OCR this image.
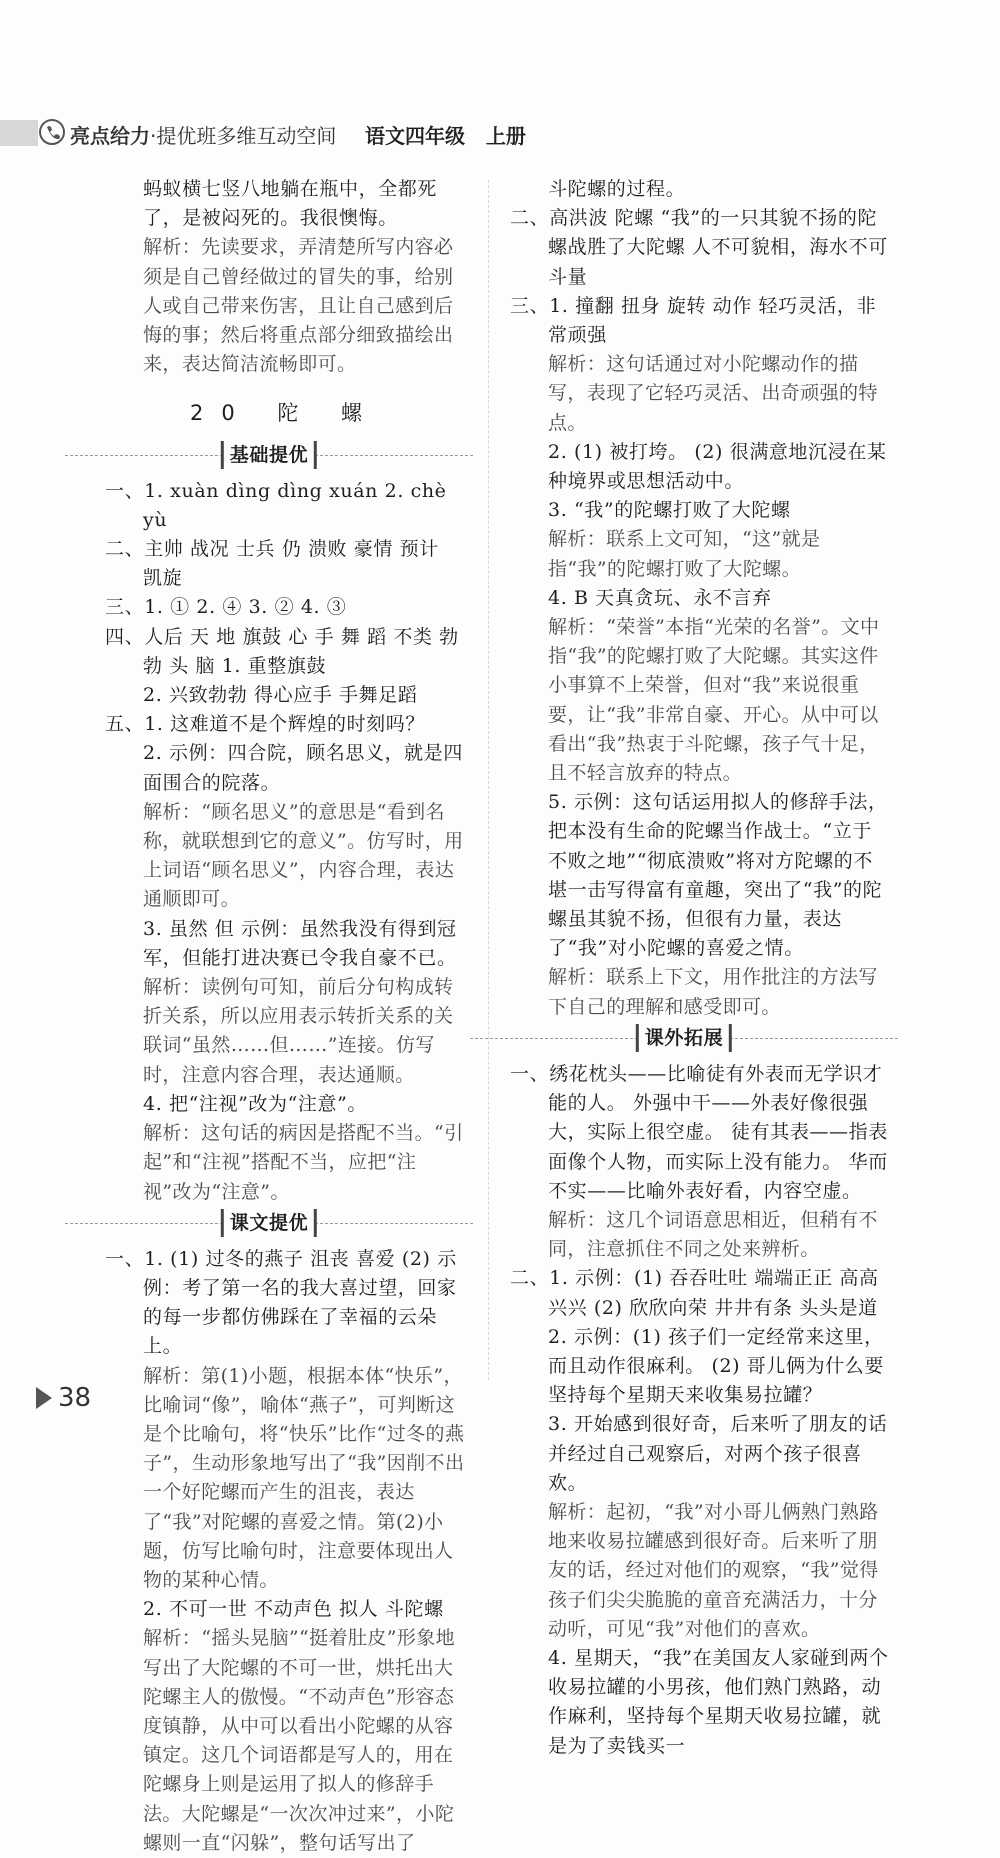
亮点给力·提优班多维互动空间 语文四年级 上册

蚂蚁横七竖八地躺在瓶中，全都死了，是被闷死的。我很懊悔。

解析：先读要求，弄清楚所写内容必须是自己曾经做过的冒失的事，给别人或自己带来伤害，且让自己感到后悔的事；然后将重点部分细致描绘出来，表达简洁流畅即可。

20 陀 螺
基础提优

一、1. xuàn dìng dìng xuán 2. chè yù

二、主帅 战况 士兵 仍 溃败 豪情 预计 凯旋

三、1. ① 2. ④ 3. ② 4. ③

四、人后 天 地 旗鼓 心 手 舞 蹈 不类 勃勃 头 脑 1. 重整旗鼓

2. 兴致勃勃 得心应手 手舞足蹈

五、1. 这难道不是个辉煌的时刻吗？

2. 示例：四合院，顾名思义，就是四面围合的院落。

解析：“顾名思义”的意思是“看到名称，就联想到它的意义”。仿写时，用上词语“顾名思义”，内容合理，表达通顺即可。

3. 虽然 但 示例：虽然我没有得到冠军，但能打进决赛已令我自豪不已。

解析：读例句可知，前后分句构成转折关系，所以应用表示转折关系的关联词“虽然……但……”连接。仿写时，注意内容合理，表达通顺。

4. 把“注视”改为“注意”。

解析：这句话的病因是搭配不当。“引起”和“注视”搭配不当，应把“注视”改为“注意”。

课文提优

一、1. (1) 过冬的燕子 沮丧 喜爱 (2) 示例：考了第一名的我大喜过望，回家的每一步都仿佛踩在了幸福的云朵上。

解析：第(1)小题，根据本体“快乐”，比喻词“像”，喻体“燕子”，可判断这是个比喻句，将“快乐”比作“过冬的燕子”，生动形象地写出了“我”因削不出一个好陀螺而产生的沮丧，表达了“我”对陀螺的喜爱之情。第(2)小题，仿写比喻句时，注意要体现出人物的某种心情。

2. 不可一世 不动声色 拟人 斗陀螺

解析：“摇头晃脑”“挺着肚皮”形象地写出了大陀螺的不可一世，烘托出大陀螺主人的傲慢。“不动声色”形容态度镇静，从中可以看出小陀螺的从容镇定。这几个词语都是写人的，用在陀螺身上则是运用了拟人的修辞手法。大陀螺是“一次次冲过来”，小陀螺则一直“闪躲”，整句话写出了

斗陀螺的过程。

二、高洪波 陀螺 “我”的一只其貌不扬的陀螺战胜了大陀螺 人不可貌相，海水不可斗量

三、1. 撞翻 扭身 旋转 动作 轻巧灵活，非常顽强

解析：这句话通过对小陀螺动作的描写，表现了它轻巧灵活、出奇顽强的特点。

2. (1) 被打垮。 (2) 很满意地沉浸在某种境界或思想活动中。

3. “我”的陀螺打败了大陀螺

解析：联系上文可知，“这”就是指“我”的陀螺打败了大陀螺。

4. B 天真贪玩、永不言弃

解析：“荣誉”本指“光荣的名誉”。文中指“我”的陀螺打败了大陀螺。其实这件小事算不上荣誉，但对“我”来说很重要，让“我”非常自豪、开心。从中可以看出“我”热衷于斗陀螺，孩子气十足，且不轻言放弃的特点。

5. 示例：这句话运用拟人的修辞手法，把本没有生命的陀螺当作战士。“立于不败之地”“彻底溃败”将对方陀螺的不堪一击写得富有童趣，突出了“我”的陀螺虽其貌不扬，但很有力量，表达了“我”对小陀螺的喜爱之情。

解析：联系上下文，用作批注的方法写下自己的理解和感受即可。

课外拓展

一、绣花枕头——比喻徒有外表而无学识才能的人。 外强中干——外表好像很强大，实际上很空虚。 徒有其表——指表面像个人物，而实际上没有能力。 华而不实——比喻外表好看，内容空虚。

解析：这几个词语意思相近，但稍有不同，注意抓住不同之处来辨析。

二、1. 示例：(1) 吞吞吐吐 端端正正 高高兴兴 (2) 欣欣向荣 井井有条 头头是道 2. 示例：(1) 孩子们一定经常来这里，而且动作很麻利。 (2) 哥儿俩为什么要坚持每个星期天来收集易拉罐？

3. 开始感到很好奇，后来听了朋友的话并经过自己观察后，对两个孩子很喜欢。

解析：起初，“我”对小哥儿俩熟门熟路地来收易拉罐感到很好奇。后来听了朋友的话，经过对他们的观察，“我”觉得孩子们尖尖脆脆的童音充满活力，十分动听，可见“我”对他们的喜欢。

4. 星期天，“我”在美国友人家碰到两个收易拉罐的小男孩，他们熟门熟路，动作麻利，坚持每个星期天收易拉罐，就是为了卖钱买一

38
